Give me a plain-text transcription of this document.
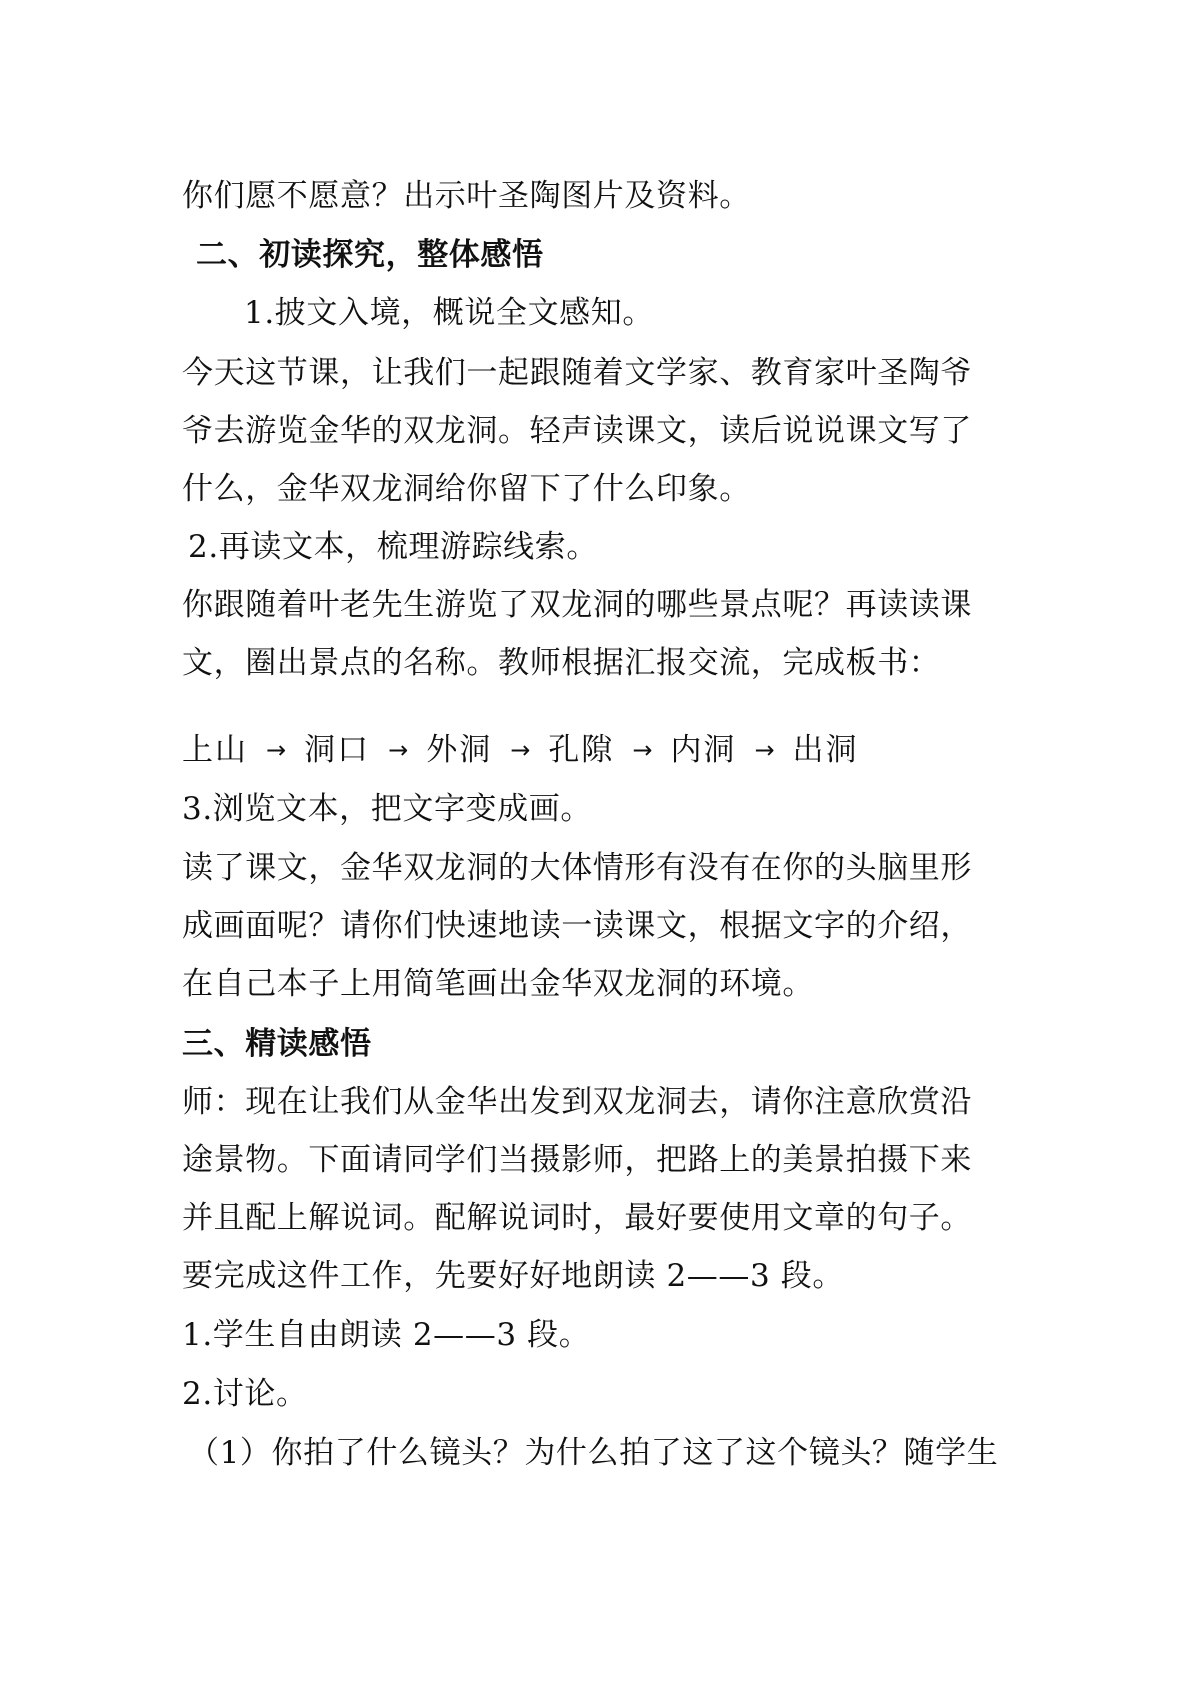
你们愿不愿意？出示叶圣陶图片及资料。
二、初读探究，整体感悟
1.披文入境，概说全文感知。
今天这节课，让我们一起跟随着文学家、教育家叶圣陶爷
爷去游览金华的双龙洞。轻声读课文，读后说说课文写了
什么，金华双龙洞给你留下了什么印象。
2.再读文本，梳理游踪线索。
你跟随着叶老先生游览了双龙洞的哪些景点呢？再读读课
文，圈出景点的名称。教师根据汇报交流，完成板书：
上山 → 洞口 → 外洞 → 孔隙 → 内洞 → 出洞
3.浏览文本，把文字变成画。
读了课文，金华双龙洞的大体情形有没有在你的头脑里形
成画面呢？请你们快速地读一读课文，根据文字的介绍，
在自己本子上用简笔画出金华双龙洞的环境。
三、精读感悟
师：现在让我们从金华出发到双龙洞去，请你注意欣赏沿
途景物。下面请同学们当摄影师，把路上的美景拍摄下来
并且配上解说词。配解说词时，最好要使用文章的句子。
要完成这件工作，先要好好地朗读 2——3 段。
1.学生自由朗读 2——3 段。
2.讨论。
（1）你拍了什么镜头？为什么拍了这了这个镜头？随学生
